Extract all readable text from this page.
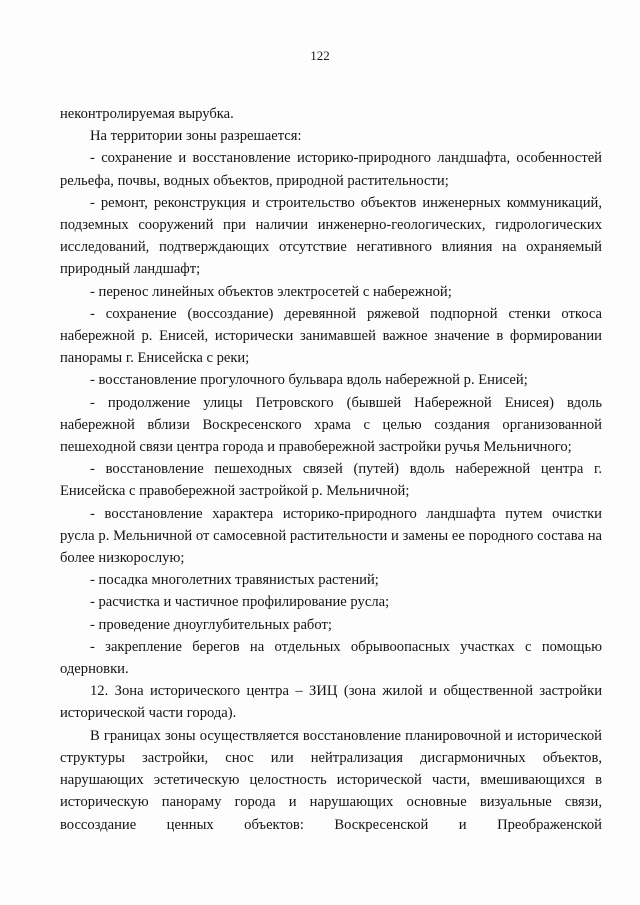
122

неконтролируемая вырубка.

На территории зоны разрешается:

- сохранение и восстановление историко-природного ландшафта, особенностей рельефа, почвы, водных объектов, природной растительности;

- ремонт, реконструкция и строительство объектов инженерных коммуникаций, подземных сооружений при наличии инженерно-геологических, гидрологических исследований, подтверждающих отсутствие негативного влияния на охраняемый природный ландшафт;

- перенос линейных объектов электросетей с набережной;

- сохранение (воссоздание) деревянной ряжевой подпорной стенки откоса набережной р. Енисей, исторически занимавшей важное значение в формировании панорамы г. Енисейска с реки;

- восстановление прогулочного бульвара вдоль набережной р. Енисей;

- продолжение улицы Петровского (бывшей Набережной Енисея) вдоль набережной вблизи Воскресенского храма с целью создания организованной пешеходной связи центра города и правобережной застройки ручья Мельничного;

- восстановление пешеходных связей (путей) вдоль набережной центра г. Енисейска с правобережной застройкой р. Мельничной;

- восстановление характера историко-природного ландшафта путем очистки русла р. Мельничной от самосевной растительности и замены ее породного состава на более низкорослую;

- посадка многолетних травянистых растений;

- расчистка и частичное профилирование русла;

- проведение дноуглубительных работ;

- закрепление берегов на отдельных обрывоопасных участках с помощью одерновки.

12. Зона исторического центра – ЗИЦ (зона жилой и общественной застройки исторической части города).

В границах зоны осуществляется восстановление планировочной и исторической структуры застройки, снос или нейтрализация дисгармоничных объектов, нарушающих эстетическую целостность исторической части, вмешивающихся в историческую панораму города и нарушающих основные визуальные связи, воссоздание ценных объектов: Воскресенской и Преображенской
